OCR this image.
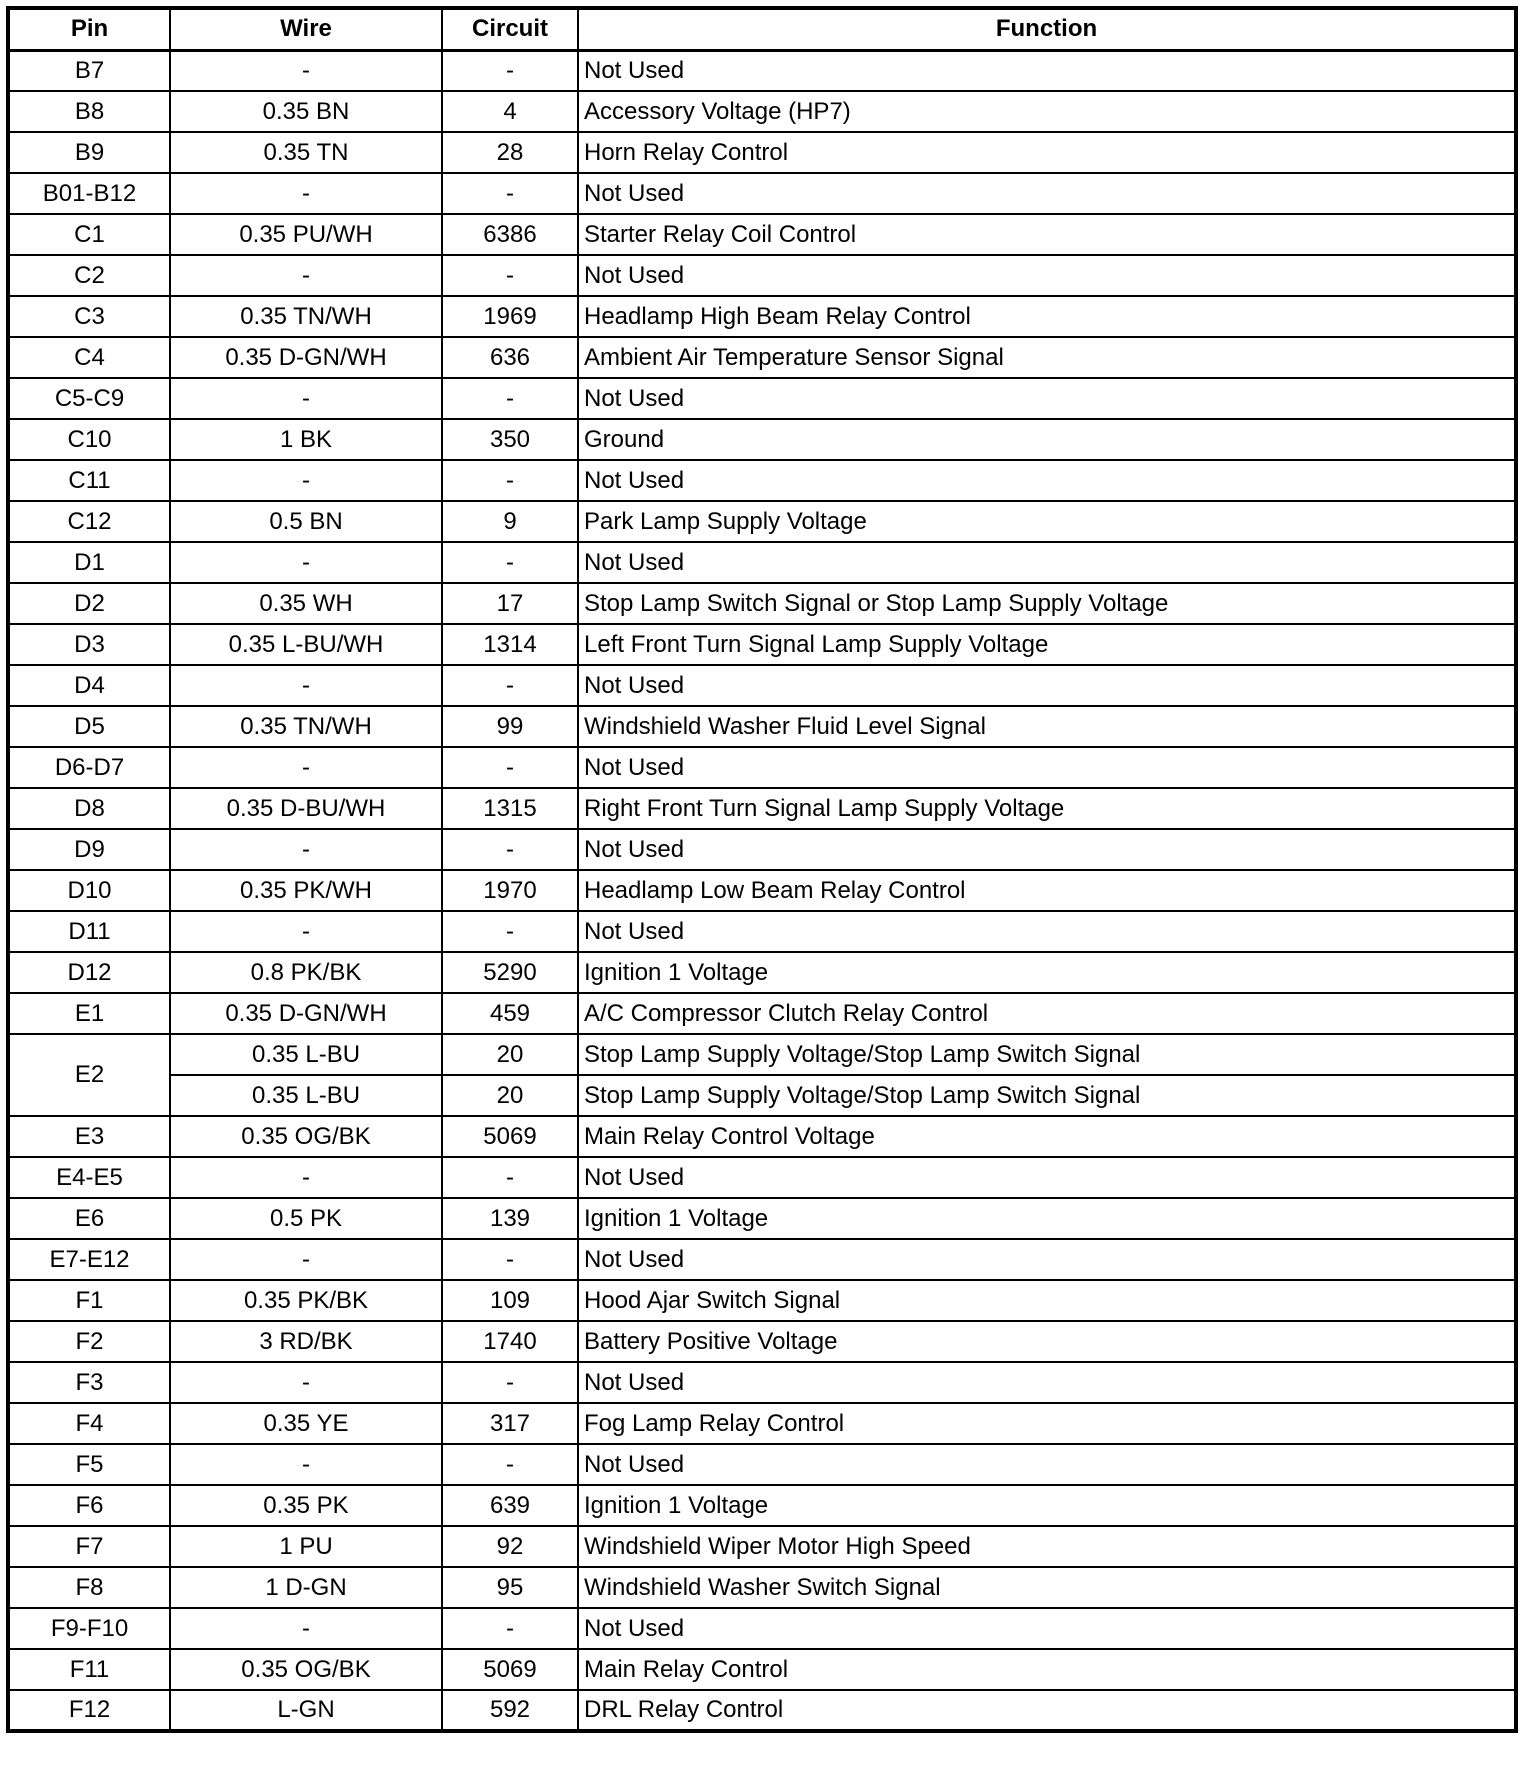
Pin	Wire	Circuit	Function
B7	-	-	Not Used
B8	0.35 BN	4	Accessory Voltage (HP7)
B9	0.35 TN	28	Horn Relay Control
B01-B12	-	-	Not Used
C1	0.35 PU/WH	6386	Starter Relay Coil Control
C2	-	-	Not Used
C3	0.35 TN/WH	1969	Headlamp High Beam Relay Control
C4	0.35 D-GN/WH	636	Ambient Air Temperature Sensor Signal
C5-C9	-	-	Not Used
C10	1 BK	350	Ground
C11	-	-	Not Used
C12	0.5 BN	9	Park Lamp Supply Voltage
D1	-	-	Not Used
D2	0.35 WH	17	Stop Lamp Switch Signal or Stop Lamp Supply Voltage
D3	0.35 L-BU/WH	1314	Left Front Turn Signal Lamp Supply Voltage
D4	-	-	Not Used
D5	0.35 TN/WH	99	Windshield Washer Fluid Level Signal
D6-D7	-	-	Not Used
D8	0.35 D-BU/WH	1315	Right Front Turn Signal Lamp Supply Voltage
D9	-	-	Not Used
D10	0.35 PK/WH	1970	Headlamp Low Beam Relay Control
D11	-	-	Not Used
D12	0.8 PK/BK	5290	Ignition 1 Voltage
E1	0.35 D-GN/WH	459	A/C Compressor Clutch Relay Control
E2	0.35 L-BU	20	Stop Lamp Supply Voltage/Stop Lamp Switch Signal
	0.35 L-BU	20	Stop Lamp Supply Voltage/Stop Lamp Switch Signal
E3	0.35 OG/BK	5069	Main Relay Control Voltage
E4-E5	-	-	Not Used
E6	0.5 PK	139	Ignition 1 Voltage
E7-E12	-	-	Not Used
F1	0.35 PK/BK	109	Hood Ajar Switch Signal
F2	3 RD/BK	1740	Battery Positive Voltage
F3	-	-	Not Used
F4	0.35 YE	317	Fog Lamp Relay Control
F5	-	-	Not Used
F6	0.35 PK	639	Ignition 1 Voltage
F7	1 PU	92	Windshield Wiper Motor High Speed
F8	1 D-GN	95	Windshield Washer Switch Signal
F9-F10	-	-	Not Used
F11	0.35 OG/BK	5069	Main Relay Control
F12	L-GN	592	DRL Relay Control
